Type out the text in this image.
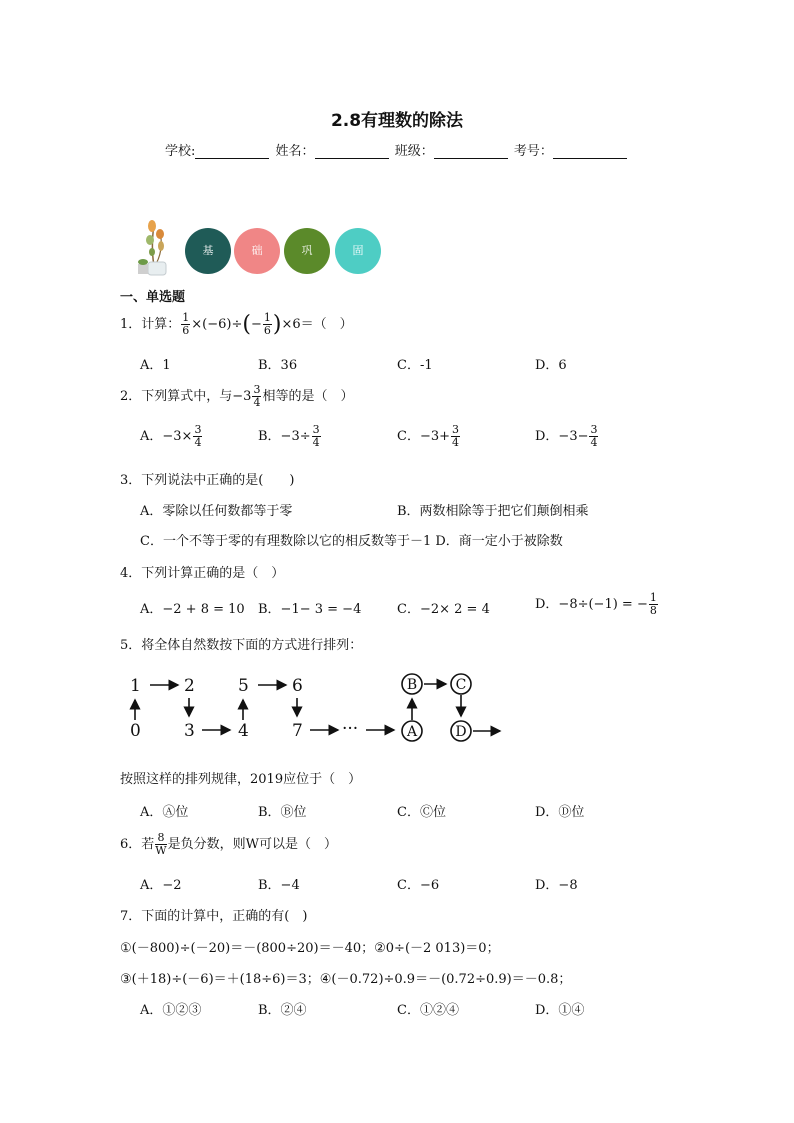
2.8有理数的除法
学校:	姓名：	班级：	考号：
基	础	巩	固
一、单选题
1．计算： $\frac{1}{6} \times(-6)\div(- \frac{1}{6} )\times 6=$（　）
A．1	B．36	C．-1	D．6
2．下列算式中，与$-3 \frac{3}{4}$ 相等的是（　）
A．$-3\times \frac{3}{4}$	B．$-3\div \frac{3}{4}$	C．$-3+ \frac{3}{4}$	D．$-3- \frac{3}{4}$
3．下列说法中正确的是(　　)
A．零除以任何数都等于零	B．两数相除等于把它们颠倒相乘
C．一个不等于零的有理数除以它的相反数等于－1 D．商一定小于被除数
4．下列计算正确的是（　）
A．−2 + 8 = 10 B．−1− 3 = −4	C．−2× 2 = 4	D．−8÷(−1) = − $\frac{1}{8}$
5．将全体自然数按下面的方式进行排列：
1	2	5	6
0	3	4	7 ···
B	C
A	D
按照这样的排列规律，2019应位于（　）
A．Ⓐ位	B．Ⓑ位	C．Ⓒ位	D．Ⓓ位
6．若 $\frac{8}{W}$ 是负分数，则W可以是（　）
A．−2	B．−4	C．−6	D．−8
7．下面的计算中，正确的有(　)
①(－800)÷(－20)＝－(800÷20)＝－40；②0÷(－2 013)＝0；
③(＋18)÷(－6)＝＋(18÷6)＝3；④(－0.72)÷0.9＝－(0.72÷0.9)＝－0.8；
A．①②③	B．②④	C．①②④	D．①④
